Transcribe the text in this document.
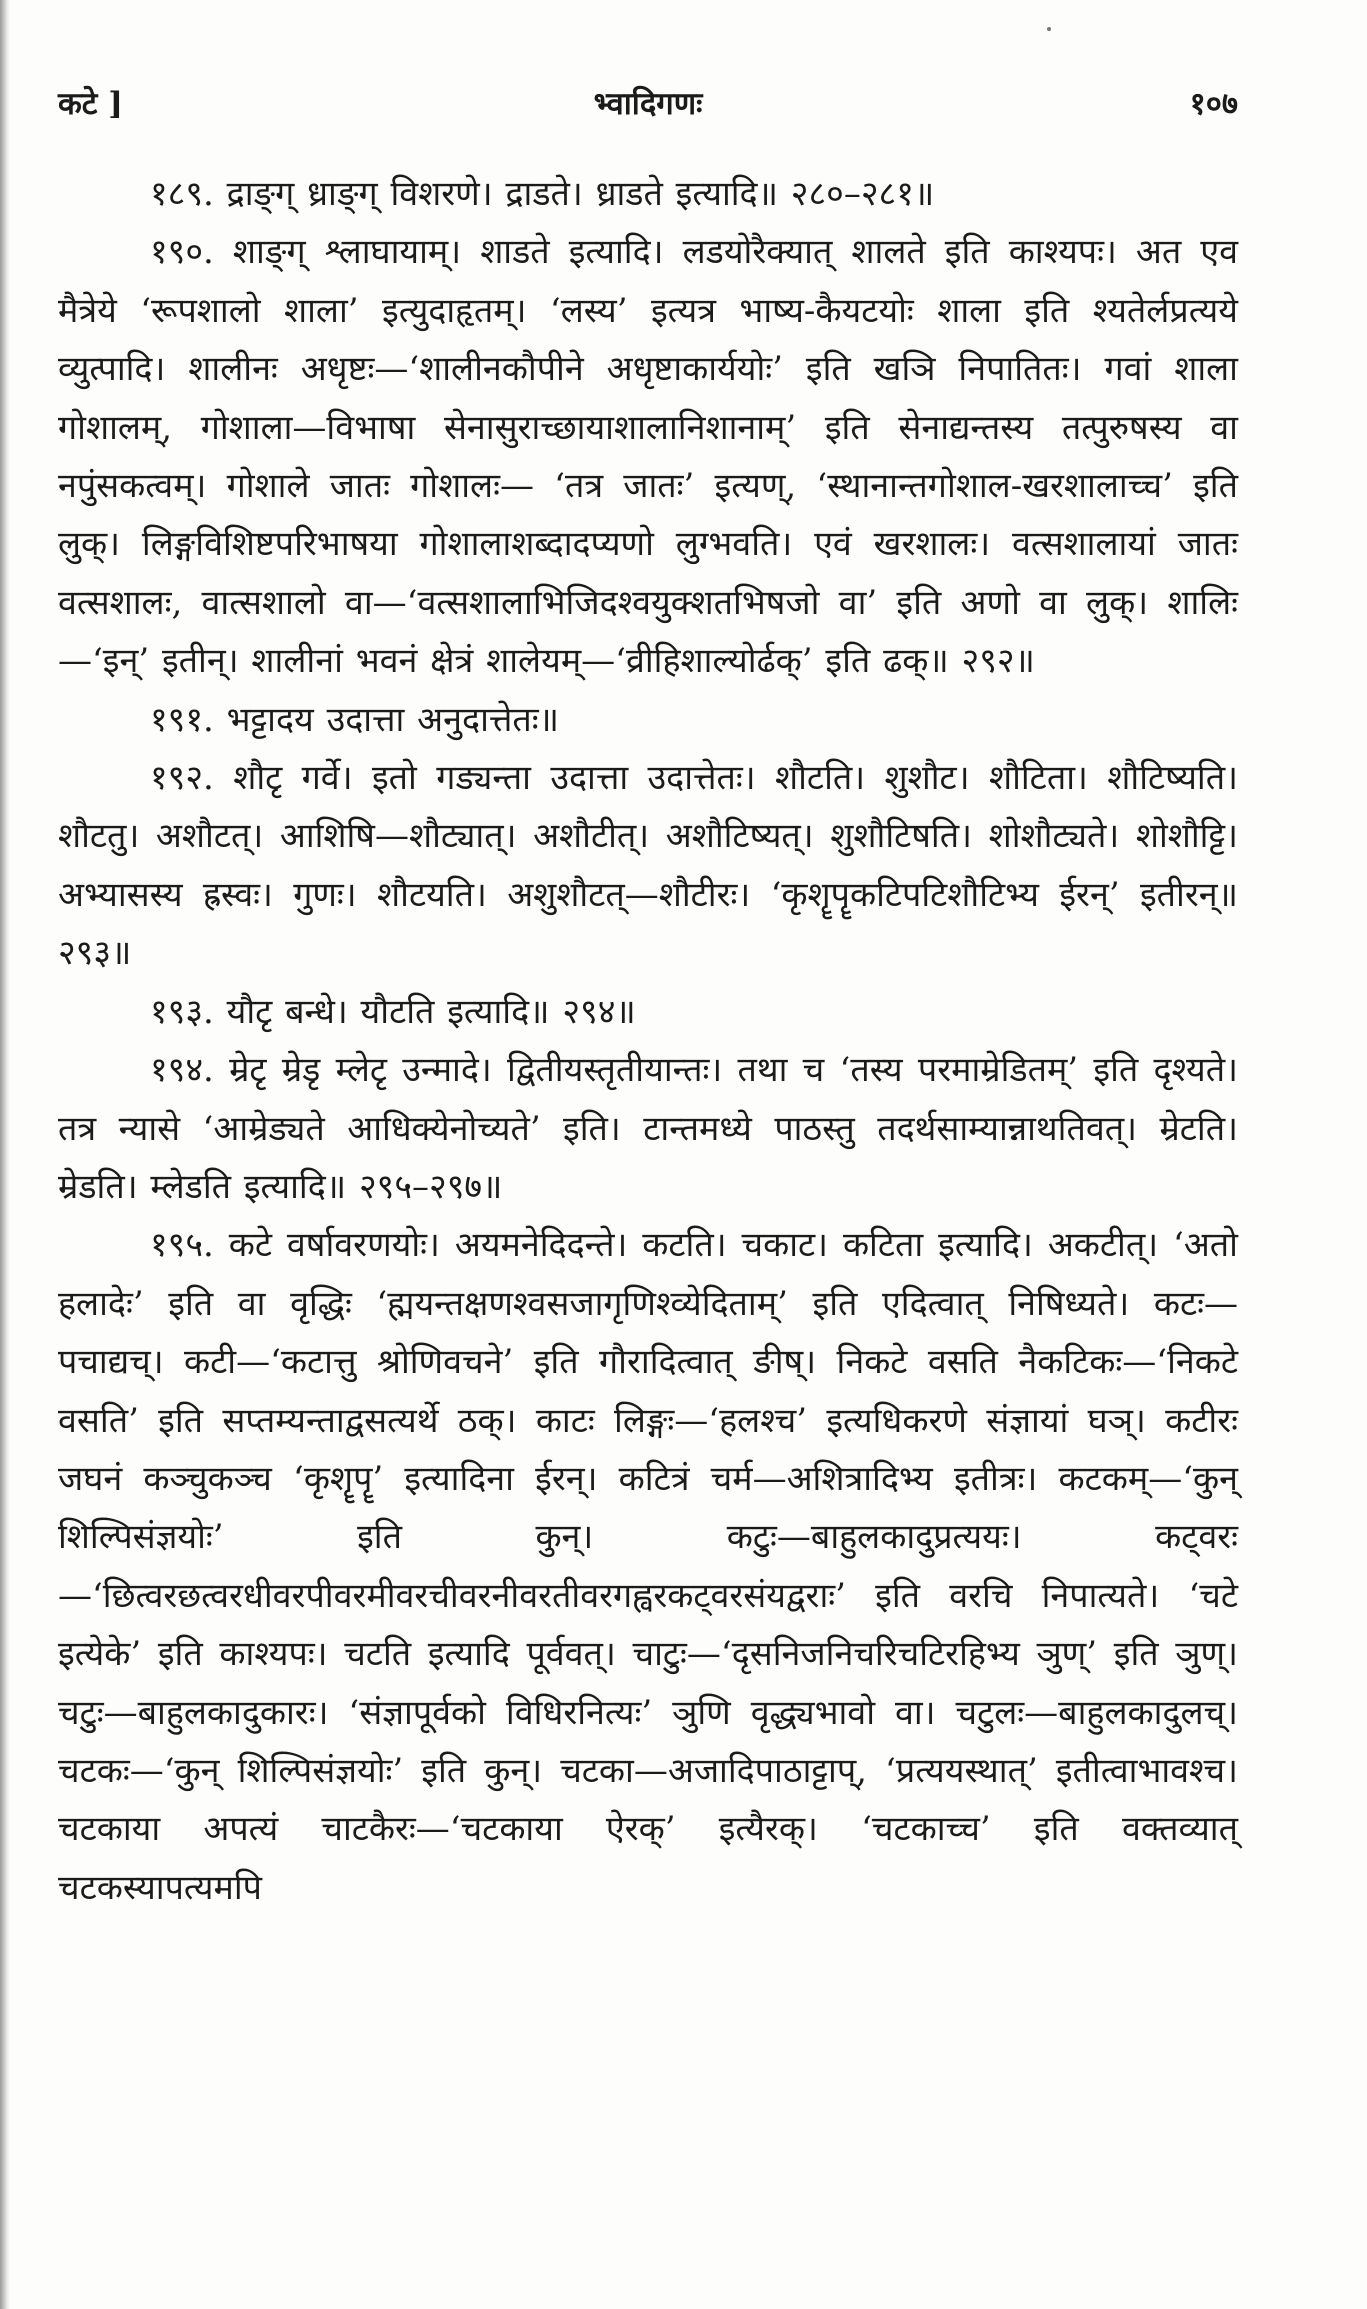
कटे ]	भ्वादिगणः	१०७

१८९. द्राङ्ग् ध्राङ्ग् विशरणे। द्राडते। ध्राडते इत्यादि॥ २८०–२८१॥

१९०. शाङ्ग् श्लाघायाम्। शाडते इत्यादि। लडयोरैक्यात् शालते इति काश्यपः। अत एव मैत्रेये ‘रूपशालो शाला’ इत्युदाहृतम्। ‘लस्य’ इत्यत्र भाष्य-कैयटयोः शाला इति श्यतेर्लप्रत्यये व्युत्पादि। शालीनः अधृष्टः—‘शालीनकौपीने अधृष्टाकार्ययोः’ इति खञि निपातितः। गवां शाला गोशालम्, गोशाला—विभाषा सेनासुराच्छायाशालानिशानाम्’ इति सेनाद्यन्तस्य तत्पुरुषस्य वा नपुंसकत्वम्। गोशाले जातः गोशालः— ‘तत्र जातः’ इत्यण्, ‘स्थानान्तगोशाल-खरशालाच्च’ इति लुक्। लिङ्गविशिष्टपरिभाषया गोशालाशब्दादप्यणो लुग्भवति। एवं खरशालः। वत्सशालायां जातः वत्सशालः, वात्सशालो वा—‘वत्सशालाभिजिदश्वयुक्शतभिषजो वा’ इति अणो वा लुक्। शालिः—‘इन्’ इतीन्। शालीनां भवनं क्षेत्रं शालेयम्—‘व्रीहिशाल्योर्ढक्’ इति ढक्॥ २९२॥

१९१. भट्टादय उदात्ता अनुदात्तेतः॥

१९२. शौटृ गर्वे। इतो गड्यन्ता उदात्ता उदात्तेतः। शौटति। शुशौट। शौटिता। शौटिष्यति। शौटतु। अशौटत्। आशिषि—शौट्यात्। अशौटीत्। अशौटिष्यत्। शुशौटिषति। शोशौट्यते। शोशौट्टि। अभ्यासस्य ह्रस्वः। गुणः। शौटयति। अशुशौटत्—शौटीरः। ‘कृशॄपॄकटिपटिशौटिभ्य ईरन्’ इतीरन्॥ २९३॥

१९३. यौटृ बन्धे। यौटति इत्यादि॥ २९४॥

१९४. म्रेटृ म्रेडृ म्लेटृ उन्मादे। द्वितीयस्तृतीयान्तः। तथा च ‘तस्य परमाम्रेडितम्’ इति दृश्यते। तत्र न्यासे ‘आम्रेड्यते आधिक्येनोच्यते’ इति। टान्तमध्ये पाठस्तु तदर्थसाम्यान्नाथतिवत्। म्रेटति। म्रेडति। म्लेडति इत्यादि॥ २९५–२९७॥

१९५. कटे वर्षावरणयोः। अयमनेदिदन्ते। कटति। चकाट। कटिता इत्यादि। अकटीत्। ‘अतो हलादेः’ इति वा वृद्धिः ‘ह्मयन्तक्षणश्वसजागृणिश्व्येदिताम्’ इति एदित्वात् निषिध्यते। कटः—पचाद्यच्। कटी—‘कटात्तु श्रोणिवचने’ इति गौरादित्वात् ङीष्। निकटे वसति नैकटिकः—‘निकटे वसति’ इति सप्तम्यन्ताद्वसत्यर्थे ठक्। काटः लिङ्गः—‘हलश्च’ इत्यधिकरणे संज्ञायां घञ्। कटीरः जघनं कञ्चुकञ्च ‘कृशॄपॄ’ इत्यादिना ईरन्। कटित्रं चर्म—अशित्रादिभ्य इतीत्रः। कटकम्—‘कुन् शिल्पिसंज्ञयोः’ इति कुन्। कटुः—बाहुलकादुप्रत्ययः। कट्वरः—‘छित्वरछत्वरधीवरपीवरमीवरचीवरनीवरतीवरगह्वरकट्वरसंयद्वराः’ इति वरचि निपात्यते। ‘चटे इत्येके’ इति काश्यपः। चटति इत्यादि पूर्ववत्। चाटुः—‘दृसनिजनिचरिचटिरहिभ्य ञुण्’ इति ञुण्। चटुः—बाहुलकादुकारः। ‘संज्ञापूर्वको विधिरनित्यः’ ञुणि वृद्ध्यभावो वा। चटुलः—बाहुलकादुलच्। चटकः—‘कुन् शिल्पिसंज्ञयोः’ इति कुन्। चटका—अजादिपाठाट्टाप्, ‘प्रत्ययस्थात्’ इतीत्वाभावश्च। चटकाया अपत्यं चाटकैरः—‘चटकाया ऐरक्’ इत्यैरक्। ‘चटकाच्च’ इति वक्तव्यात् चटकस्यापत्यमपि
